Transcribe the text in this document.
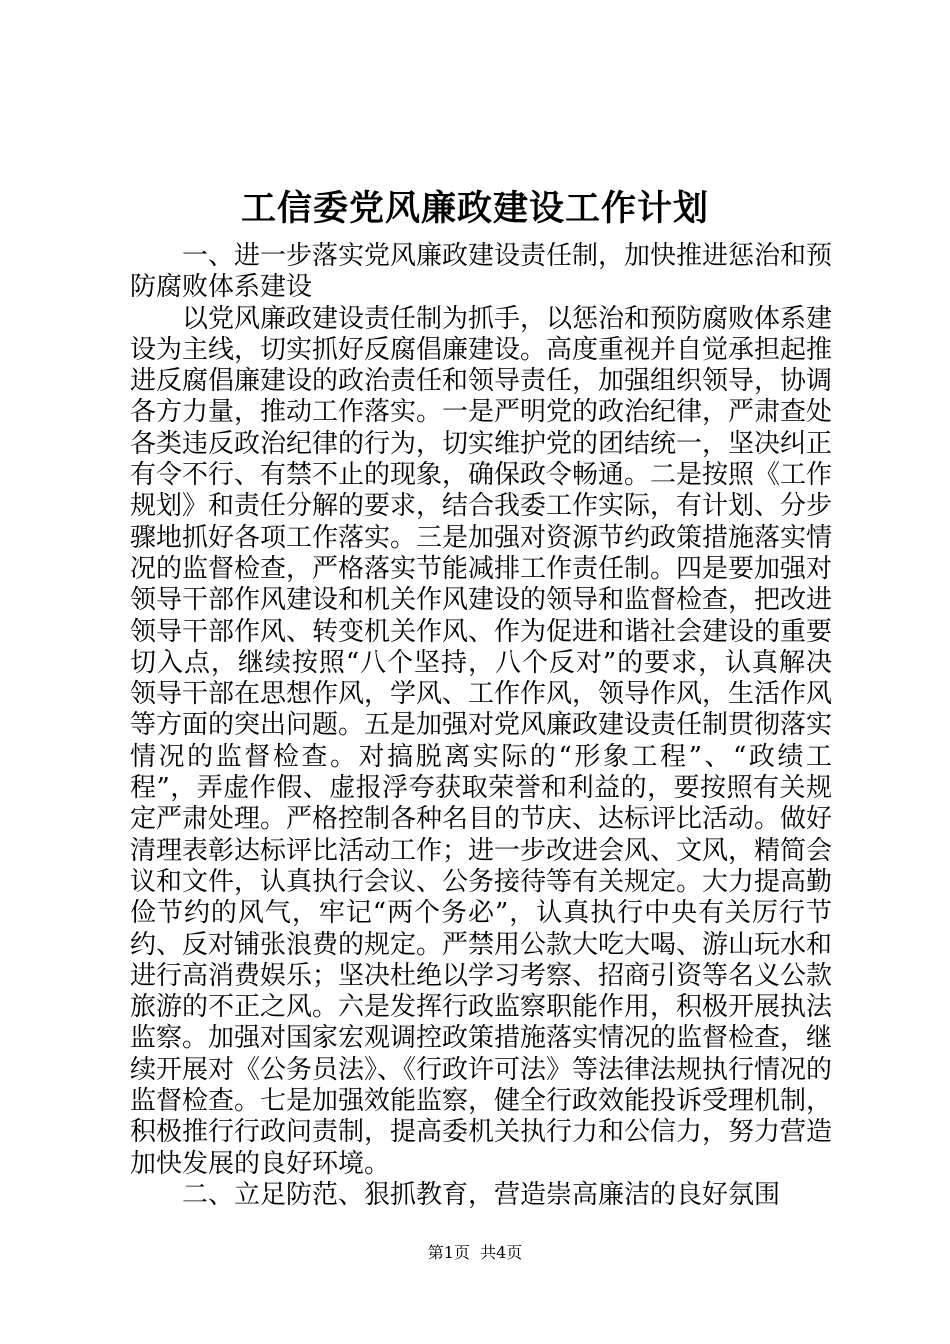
工信委党风廉政建设工作计划

一、进一步落实党风廉政建设责任制，加快推进惩治和预防腐败体系建设

以党风廉政建设责任制为抓手，以惩治和预防腐败体系建设为主线，切实抓好反腐倡廉建设。高度重视并自觉承担起推进反腐倡廉建设的政治责任和领导责任，加强组织领导，协调各方力量，推动工作落实。一是严明党的政治纪律，严肃查处各类违反政治纪律的行为，切实维护党的团结统一，坚决纠正有令不行、有禁不止的现象，确保政令畅通。二是按照《工作规划》和责任分解的要求，结合我委工作实际，有计划、分步骤地抓好各项工作落实。三是加强对资源节约政策措施落实情况的监督检查，严格落实节能减排工作责任制。四是要加强对领导干部作风建设和机关作风建设的领导和监督检查，把改进领导干部作风、转变机关作风、作为促进和谐社会建设的重要切入点，继续按照“八个坚持，八个反对”的要求，认真解决领导干部在思想作风，学风、工作作风，领导作风，生活作风等方面的突出问题。五是加强对党风廉政建设责任制贯彻落实情况的监督检查。对搞脱离实际的“形象工程”、“政绩工程”，弄虚作假、虚报浮夸获取荣誉和利益的，要按照有关规定严肃处理。严格控制各种名目的节庆、达标评比活动。做好清理表彰达标评比活动工作；进一步改进会风、文风，精简会议和文件，认真执行会议、公务接待等有关规定。大力提高勤俭节约的风气，牢记“两个务必”，认真执行中央有关厉行节约、反对铺张浪费的规定。严禁用公款大吃大喝、游山玩水和进行高消费娱乐；坚决杜绝以学习考察、招商引资等名义公款旅游的不正之风。六是发挥行政监察职能作用，积极开展执法监察。加强对国家宏观调控政策措施落实情况的监督检查，继续开展对《公务员法》、《行政许可法》等法律法规执行情况的监督检查。七是加强效能监察，健全行政效能投诉受理机制，积极推行行政问责制，提高委机关执行力和公信力，努力营造加快发展的良好环境。

二、立足防范、狠抓教育，营造崇高廉洁的良好氛围

第1页 共4页
